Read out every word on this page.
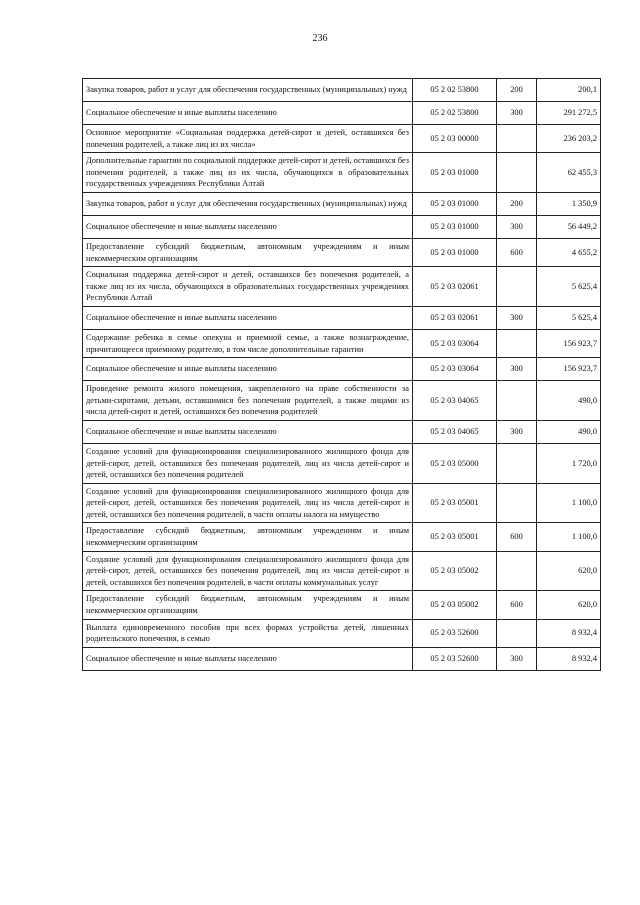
236
Закупка товаров, работ и услуг для обеспечения государственных (муниципальных) нужд	05 2 02 53800	200	200,1
Социальное обеспечение и иные выплаты населению	05 2 02 53800	300	291 272,5
Основное мероприятие «Социальная поддержка детей-сирот и детей, оставшихся без попечения родителей, а также лиц из их числа»	05 2 03 00000		236 203,2
Дополнительные гарантии по социальной поддержке детей-сирот и детей, оставшихся без попечения родителей, а также лиц из их числа, обучающихся в образовательных государственных учреждениях Республики Алтай	05 2 03 01000		62 455,3
Закупка товаров, работ и услуг для обеспечения государственных (муниципальных) нужд	05 2 03 01000	200	1 350,9
Социальное обеспечение и иные выплаты населению	05 2 03 01000	300	56 449,2
Предоставление субсидий бюджетным, автономным учреждениям и иным некоммерческим организациям	05 2 03 01000	600	4 655,2
Социальная поддержка детей-сирот и детей, оставшихся без попечения родителей, а также лиц из их числа, обучающихся в образовательных государственных учреждениях Республики Алтай	05 2 03 02061		5 625,4
Социальное обеспечение и иные выплаты населению	05 2 03 02061	300	5 625,4
Содержание ребенка в семье опекуна и приемной семье, а также вознаграждение, причитающееся приемному родителю, в том числе дополнительные гарантии	05 2 03 03064		156 923,7
Социальное обеспечение и иные выплаты населению	05 2 03 03064	300	156 923,7
Проведение ремонта жилого помещения, закрепленного на праве собственности за детьми-сиротами, детьми, оставшимися без попечения родителей, а также лицами из числа детей-сирот и детей, оставшихся без попечения родителей	05 2 03 04065		490,0
Социальное обеспечение и иные выплаты населению	05 2 03 04065	300	490,0
Создание условий для функционирования специализированного жилищного фонда для детей-сирот, детей, оставшихся без попечения родителей, лиц из числа детей-сирот и детей, оставшихся без попечения родителей	05 2 03 05000		1 720,0
Создание условий для функционирования специализированного жилищного фонда для детей-сирот, детей, оставшихся без попечения родителей, лиц из числа детей-сирот и детей, оставшихся без попечения родителей, в части оплаты налога на имущество	05 2 03 05001		1 100,0
Предоставление субсидий бюджетным, автономным учреждениям и иным некоммерческим организациям	05 2 03 05001	600	1 100,0
Создание условий для функционирования специализированного жилищного фонда для детей-сирот, детей, оставшихся без попечения родителей, лиц из числа детей-сирот и детей, оставшихся без попечения родителей, в части оплаты коммунальных услуг	05 2 03 05002		620,0
Предоставление субсидий бюджетным, автономным учреждениям и иным некоммерческим организациям	05 2 03 05002	600	620,0
Выплата единовременного пособия при всех формах устройства детей, лишенных родительского попечения, в семью	05 2 03 52600		8 932,4
Социальное обеспечение и иные выплаты населению	05 2 03 52600	300	8 932,4
